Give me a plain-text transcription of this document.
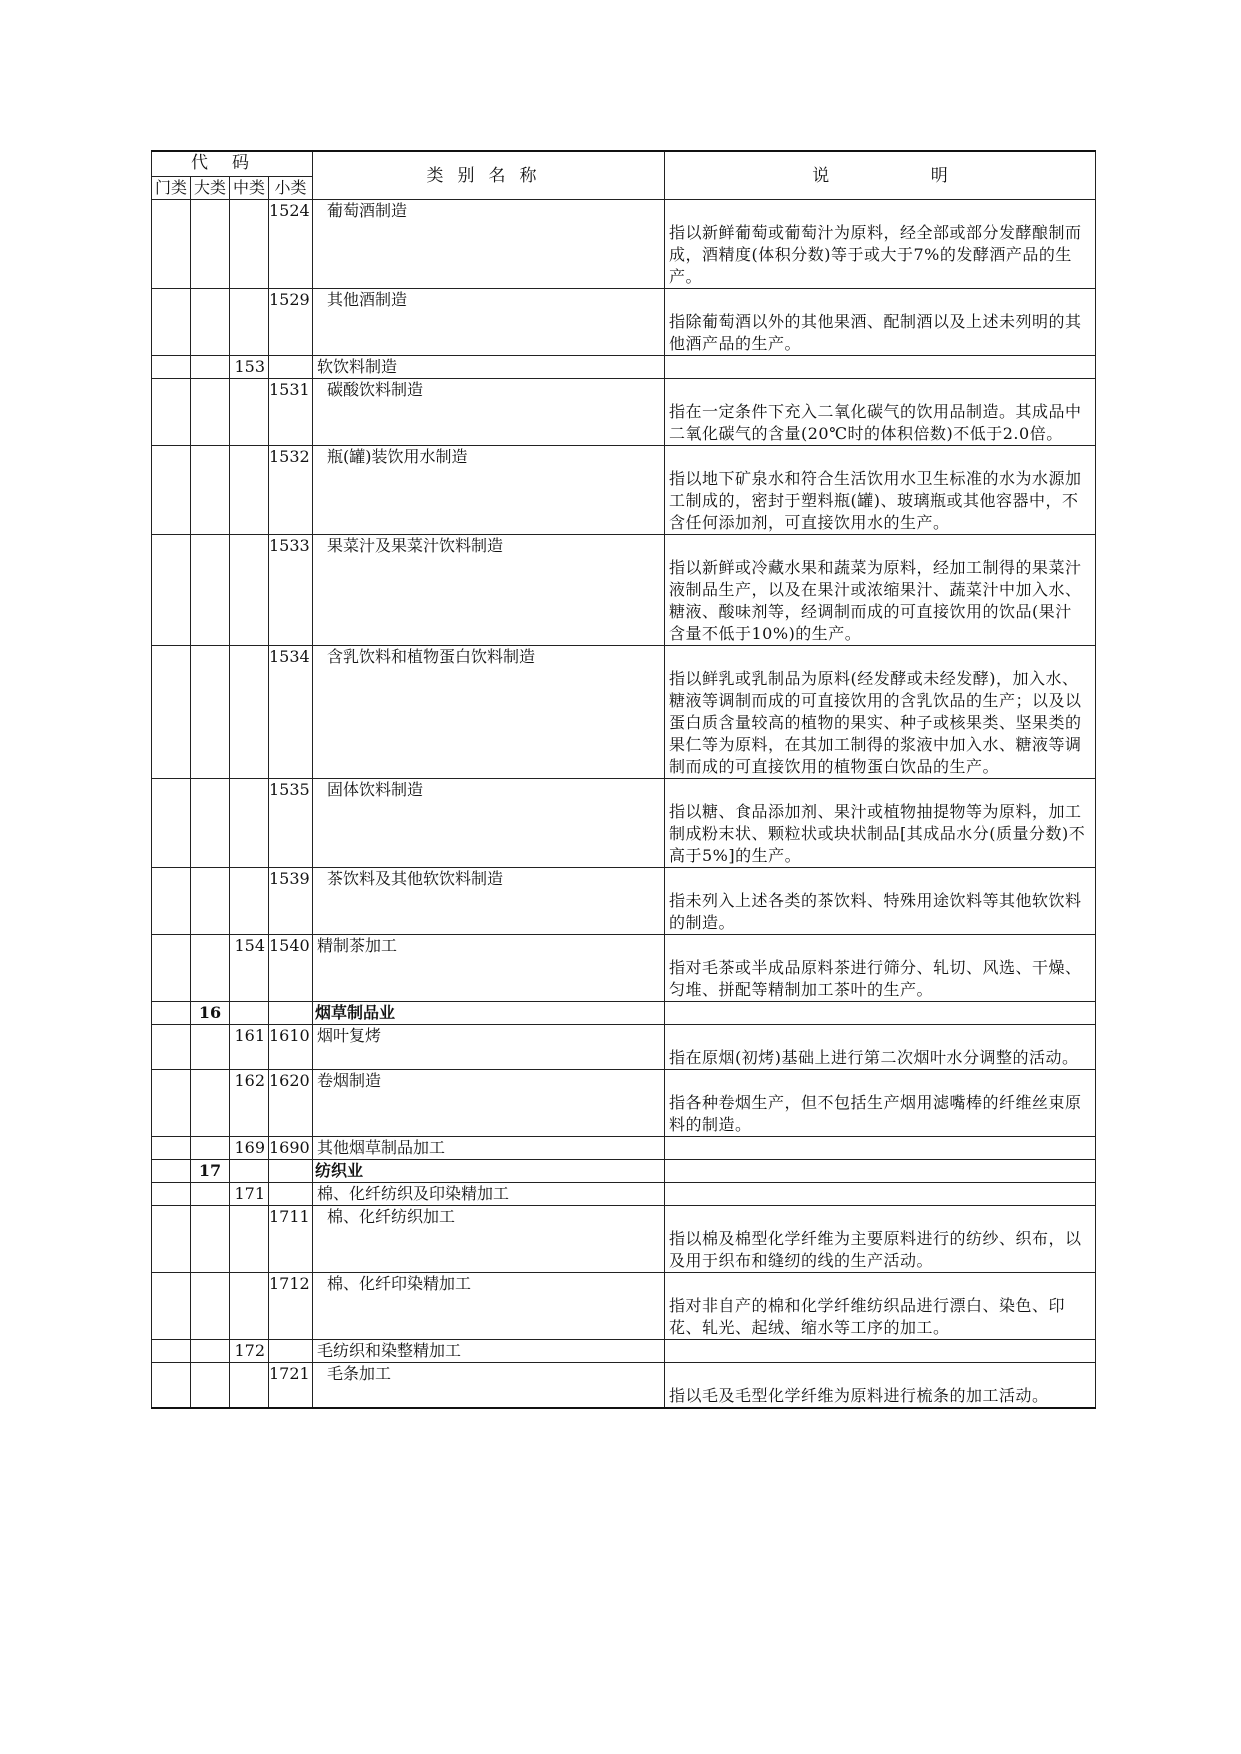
代码				类别名称	说 明
门类	大类	中类	小类		
			1524	葡萄酒制造	指以新鲜葡萄或葡萄汁为原料，经全部或部分发酵酿制而成，酒精度(体积分数)等于或大于7%的发酵酒产品的生产。
			1529	其他酒制造	指除葡萄酒以外的其他果酒、配制酒以及上述未列明的其他酒产品的生产。
		153		软饮料制造	
			1531	碳酸饮料制造	指在一定条件下充入二氧化碳气的饮用品制造。其成品中二氧化碳气的含量(20℃时的体积倍数)不低于2.0倍。
			1532	瓶(罐)装饮用水制造	指以地下矿泉水和符合生活饮用水卫生标准的水为水源加工制成的，密封于塑料瓶(罐)、玻璃瓶或其他容器中，不含任何添加剂，可直接饮用水的生产。
			1533	果菜汁及果菜汁饮料制造	指以新鲜或冷藏水果和蔬菜为原料，经加工制得的果菜汁液制品生产，以及在果汁或浓缩果汁、蔬菜汁中加入水、糖液、酸味剂等，经调制而成的可直接饮用的饮品(果汁含量不低于10%)的生产。
			1534	含乳饮料和植物蛋白饮料制造	指以鲜乳或乳制品为原料(经发酵或未经发酵)，加入水、糖液等调制而成的可直接饮用的含乳饮品的生产；以及以蛋白质含量较高的植物的果实、种子或核果类、坚果类的果仁等为原料，在其加工制得的浆液中加入水、糖液等调制而成的可直接饮用的植物蛋白饮品的生产。
			1535	固体饮料制造	指以糖、食品添加剂、果汁或植物抽提物等为原料，加工制成粉末状、颗粒状或块状制品[其成品水分(质量分数)不高于5%]的生产。
			1539	茶饮料及其他软饮料制造	指未列入上述各类的茶饮料、特殊用途饮料等其他软饮料的制造。
		154	1540	精制茶加工	指对毛茶或半成品原料茶进行筛分、轧切、风选、干燥、匀堆、拼配等精制加工茶叶的生产。
	16			烟草制品业	
		161	1610	烟叶复烤	指在原烟(初烤)基础上进行第二次烟叶水分调整的活动。
		162	1620	卷烟制造	指各种卷烟生产，但不包括生产烟用滤嘴棒的纤维丝束原料的制造。
		169	1690	其他烟草制品加工	
	17			纺织业	
		171		棉、化纤纺织及印染精加工	
			1711	棉、化纤纺织加工	指以棉及棉型化学纤维为主要原料进行的纺纱、织布，以及用于织布和缝纫的线的生产活动。
			1712	棉、化纤印染精加工	指对非自产的棉和化学纤维纺织品进行漂白、染色、印花、轧光、起绒、缩水等工序的加工。
		172		毛纺织和染整精加工	
			1721	毛条加工	指以毛及毛型化学纤维为原料进行梳条的加工活动。
